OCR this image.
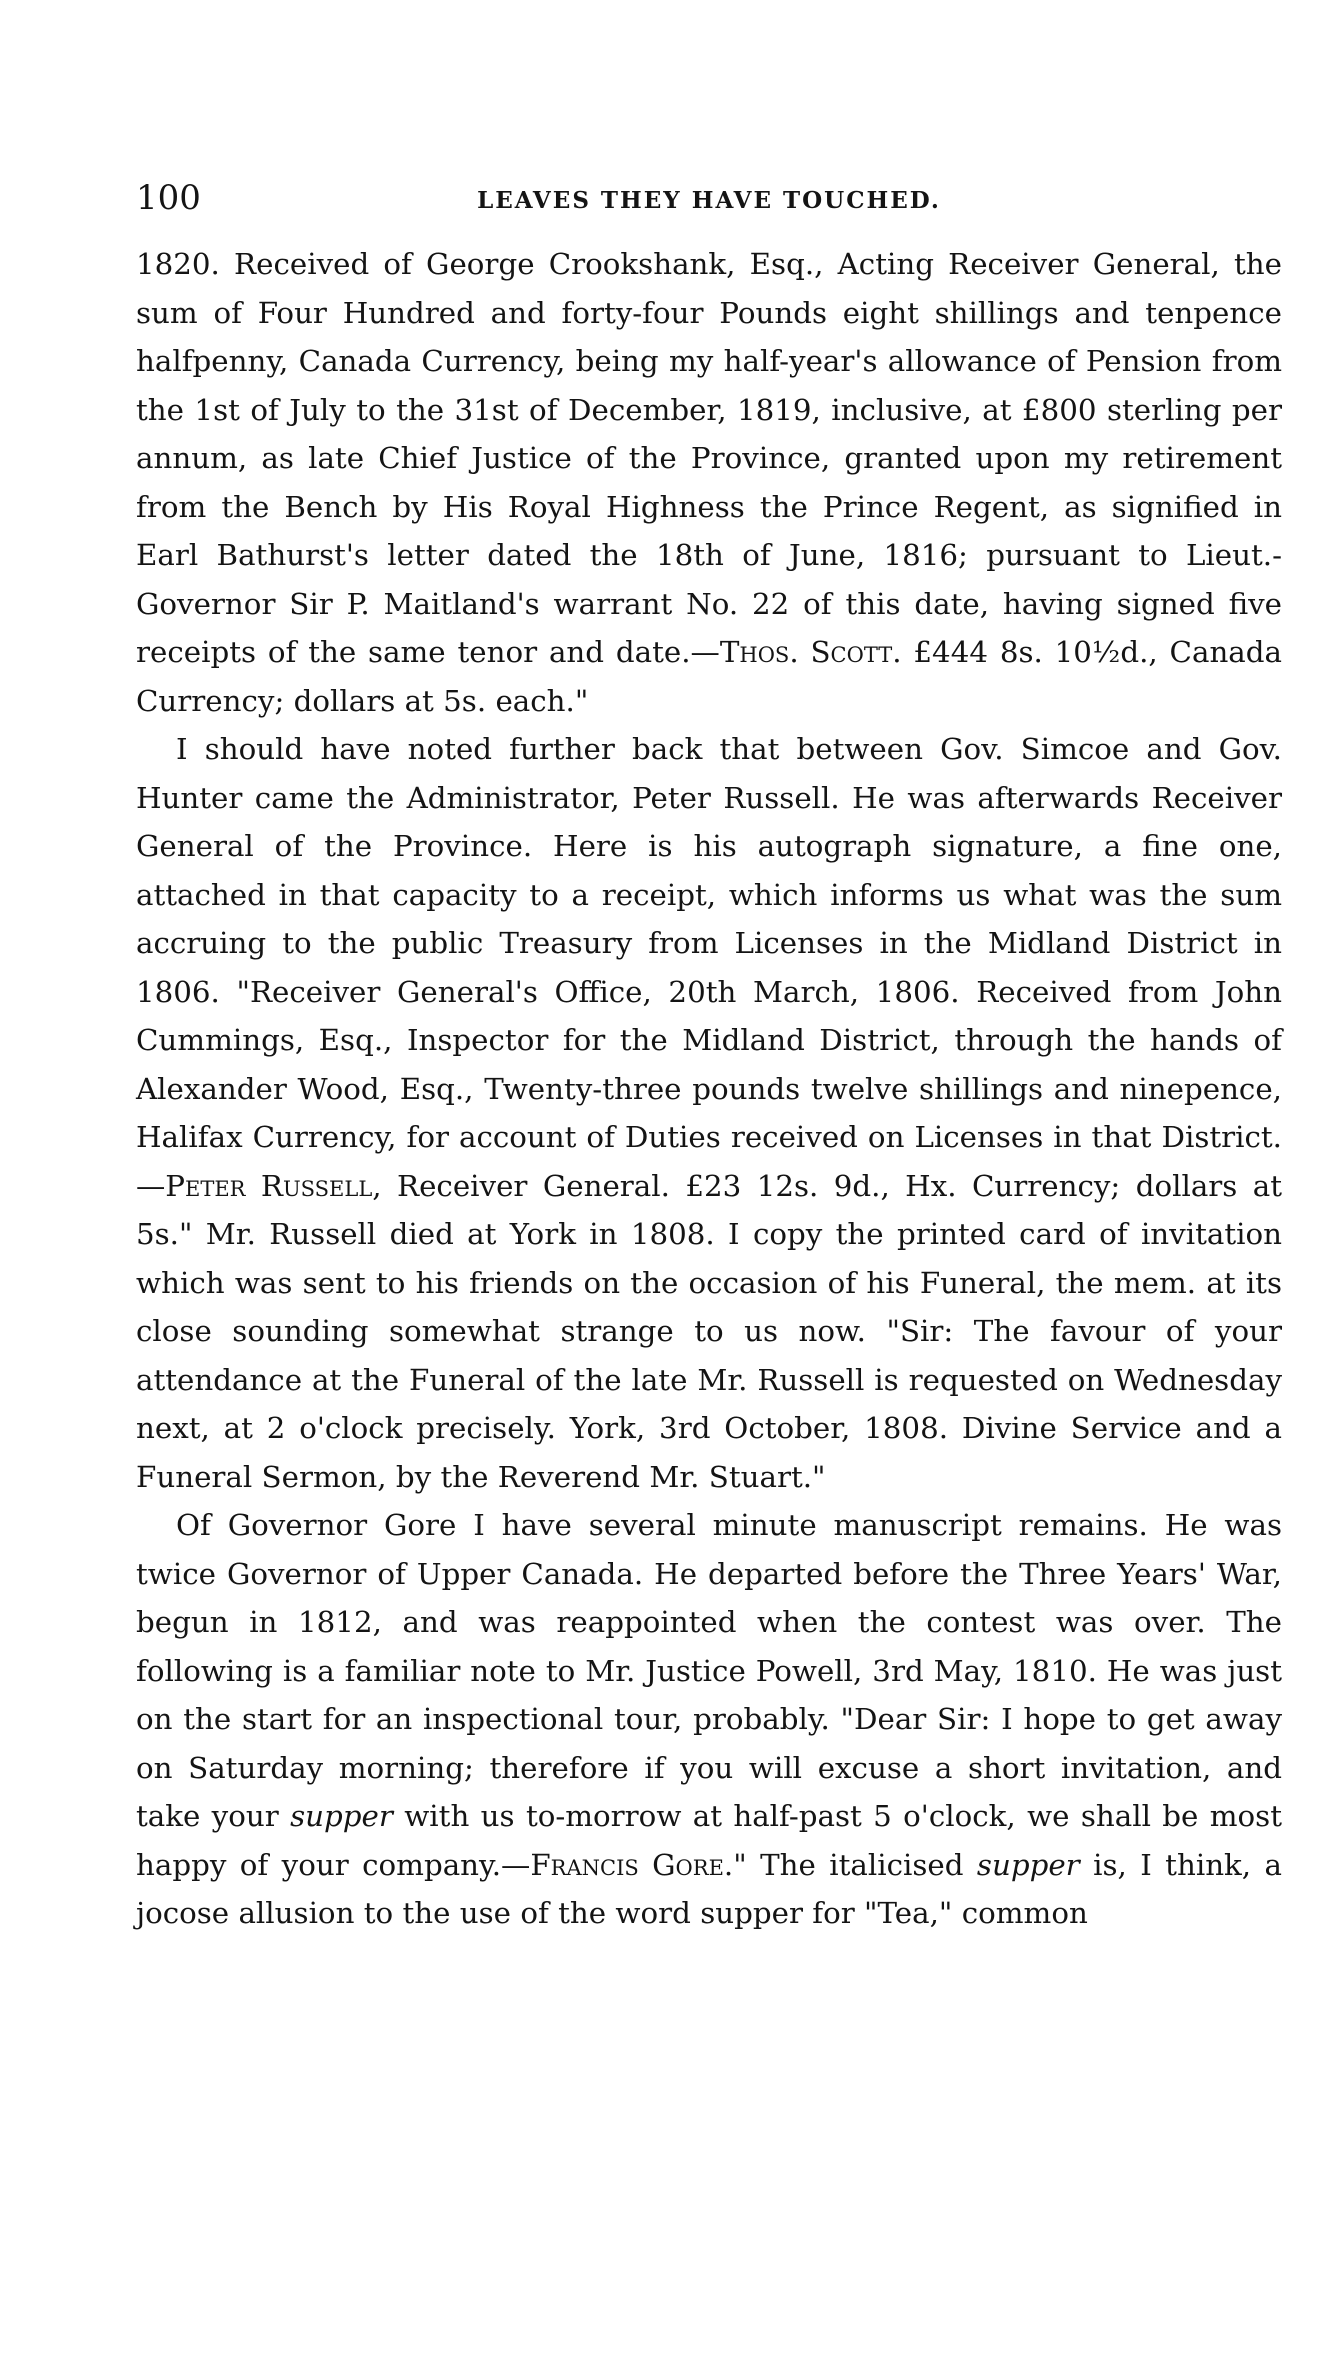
100	LEAVES THEY HAVE TOUCHED.

1820. Received of George Crookshank, Esq., Acting Receiver General, the sum of Four Hundred and forty-four Pounds eight shillings and tenpence halfpenny, Canada Currency, being my half-year's allowance of Pension from the 1st of July to the 31st of December, 1819, inclusive, at £800 sterling per annum, as late Chief Justice of the Province, granted upon my retirement from the Bench by His Royal Highness the Prince Regent, as signified in Earl Bathurst's letter dated the 18th of June, 1816; pursuant to Lieut.-Governor Sir P. Maitland's warrant No. 22 of this date, having signed five receipts of the same tenor and date.—Thos. Scott. £444 8s. 10½d., Canada Currency; dollars at 5s. each."

I should have noted further back that between Gov. Simcoe and Gov. Hunter came the Administrator, Peter Russell. He was afterwards Receiver General of the Province. Here is his autograph signature, a fine one, attached in that capacity to a receipt, which informs us what was the sum accruing to the public Treasury from Licenses in the Midland District in 1806. "Receiver General's Office, 20th March, 1806. Received from John Cummings, Esq., Inspector for the Midland District, through the hands of Alexander Wood, Esq., Twenty-three pounds twelve shillings and ninepence, Halifax Currency, for account of Duties received on Licenses in that District.—Peter Russell, Receiver General. £23 12s. 9d., Hx. Currency; dollars at 5s." Mr. Russell died at York in 1808. I copy the printed card of invitation which was sent to his friends on the occasion of his Funeral, the mem. at its close sounding somewhat strange to us now. "Sir: The favour of your attendance at the Funeral of the late Mr. Russell is requested on Wednesday next, at 2 o'clock precisely. York, 3rd October, 1808. Divine Service and a Funeral Sermon, by the Reverend Mr. Stuart."

Of Governor Gore I have several minute manuscript remains. He was twice Governor of Upper Canada. He departed before the Three Years' War, begun in 1812, and was reappointed when the contest was over. The following is a familiar note to Mr. Justice Powell, 3rd May, 1810. He was just on the start for an inspectional tour, probably. "Dear Sir: I hope to get away on Saturday morning; therefore if you will excuse a short invitation, and take your supper with us to-morrow at half-past 5 o'clock, we shall be most happy of your company.—Francis Gore." The italicised supper is, I think, a jocose allusion to the use of the word supper for "Tea," common
